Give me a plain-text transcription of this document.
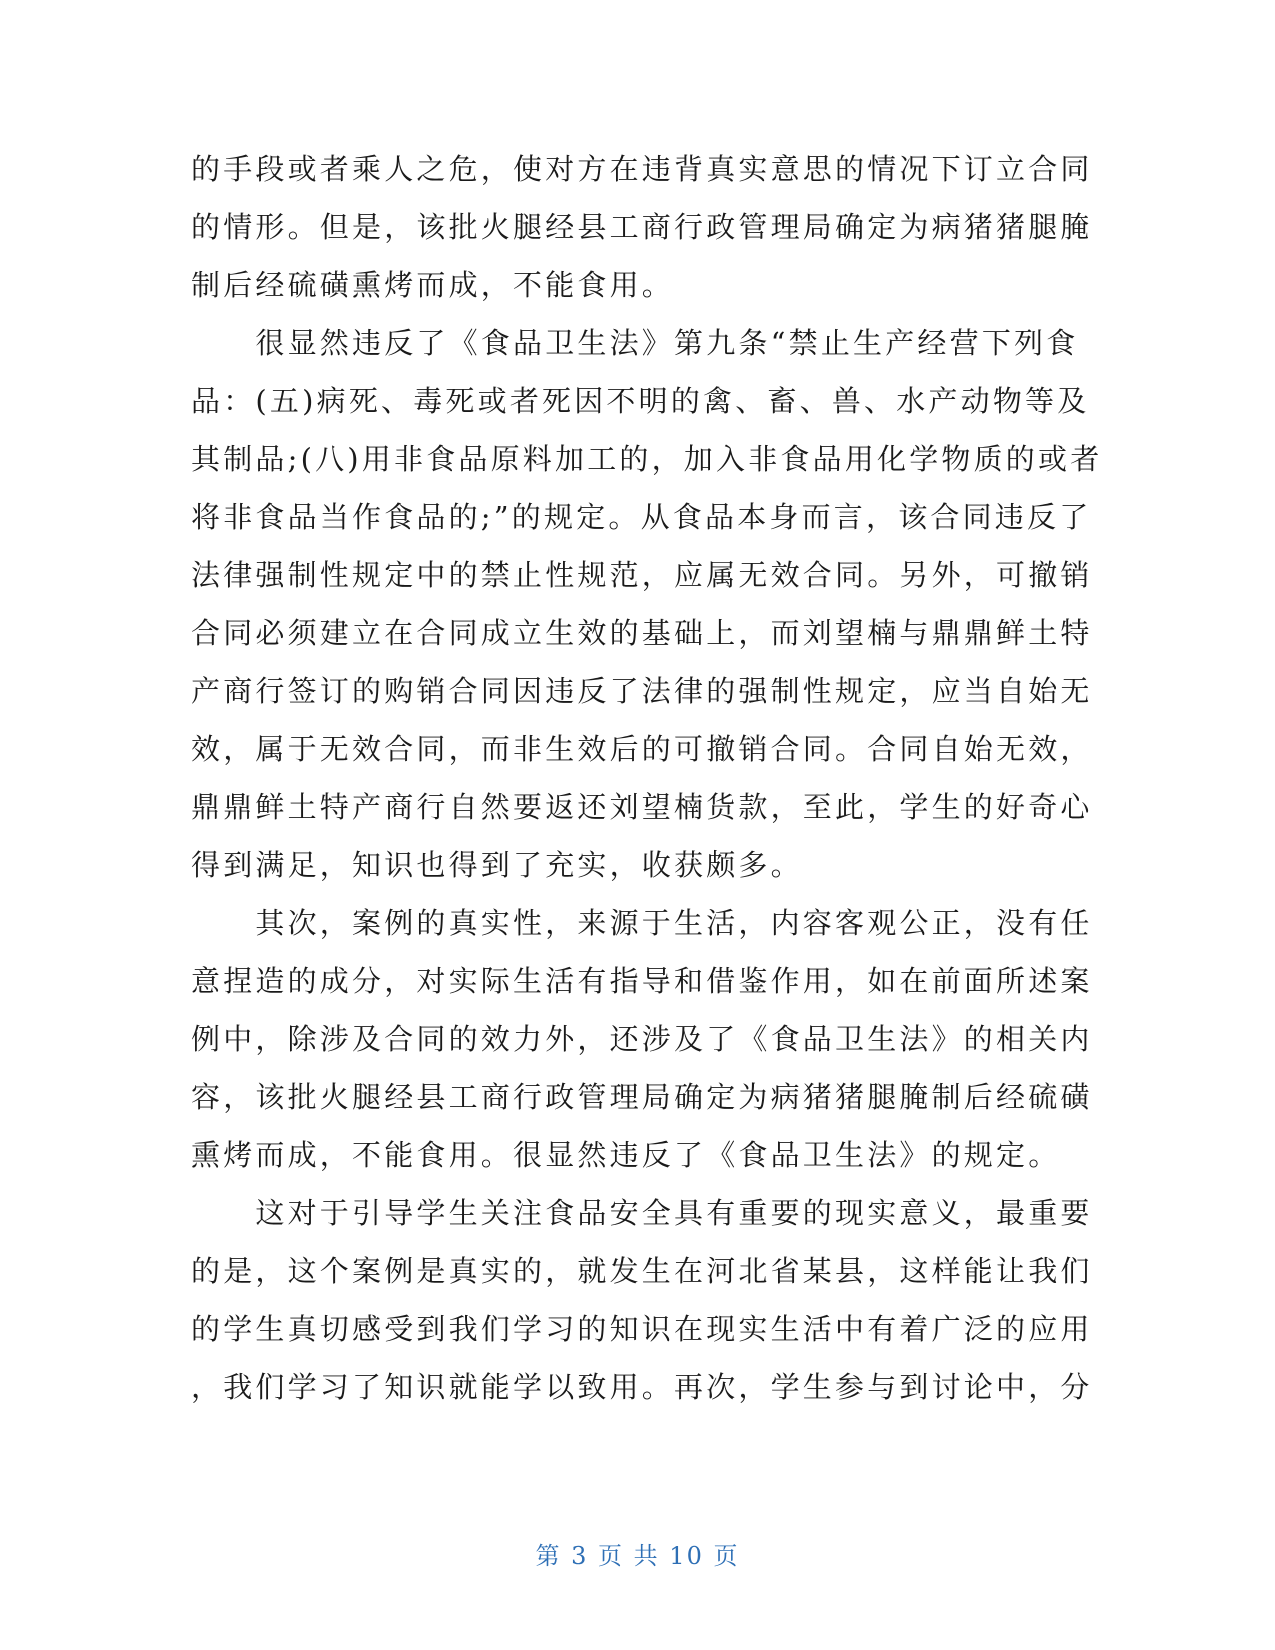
的手段或者乘人之危，使对方在违背真实意思的情况下订立合同
的情形。但是，该批火腿经县工商行政管理局确定为病猪猪腿腌
制后经硫磺熏烤而成，不能食用。
　　很显然违反了《食品卫生法》第九条“禁止生产经营下列食
品：(五)病死、毒死或者死因不明的禽、畜、兽、水产动物等及
其制品;(八)用非食品原料加工的，加入非食品用化学物质的或者
将非食品当作食品的;”的规定。从食品本身而言，该合同违反了
法律强制性规定中的禁止性规范，应属无效合同。另外，可撤销
合同必须建立在合同成立生效的基础上，而刘望楠与鼎鼎鲜土特
产商行签订的购销合同因违反了法律的强制性规定，应当自始无
效，属于无效合同，而非生效后的可撤销合同。合同自始无效，
鼎鼎鲜土特产商行自然要返还刘望楠货款，至此，学生的好奇心
得到满足，知识也得到了充实，收获颇多。
　　其次，案例的真实性，来源于生活，内容客观公正，没有任
意捏造的成分，对实际生活有指导和借鉴作用，如在前面所述案
例中，除涉及合同的效力外，还涉及了《食品卫生法》的相关内
容，该批火腿经县工商行政管理局确定为病猪猪腿腌制后经硫磺
熏烤而成，不能食用。很显然违反了《食品卫生法》的规定。
　　这对于引导学生关注食品安全具有重要的现实意义，最重要
的是，这个案例是真实的，就发生在河北省某县，这样能让我们
的学生真切感受到我们学习的知识在现实生活中有着广泛的应用
，我们学习了知识就能学以致用。再次，学生参与到讨论中，分
第 3 页 共 10 页
